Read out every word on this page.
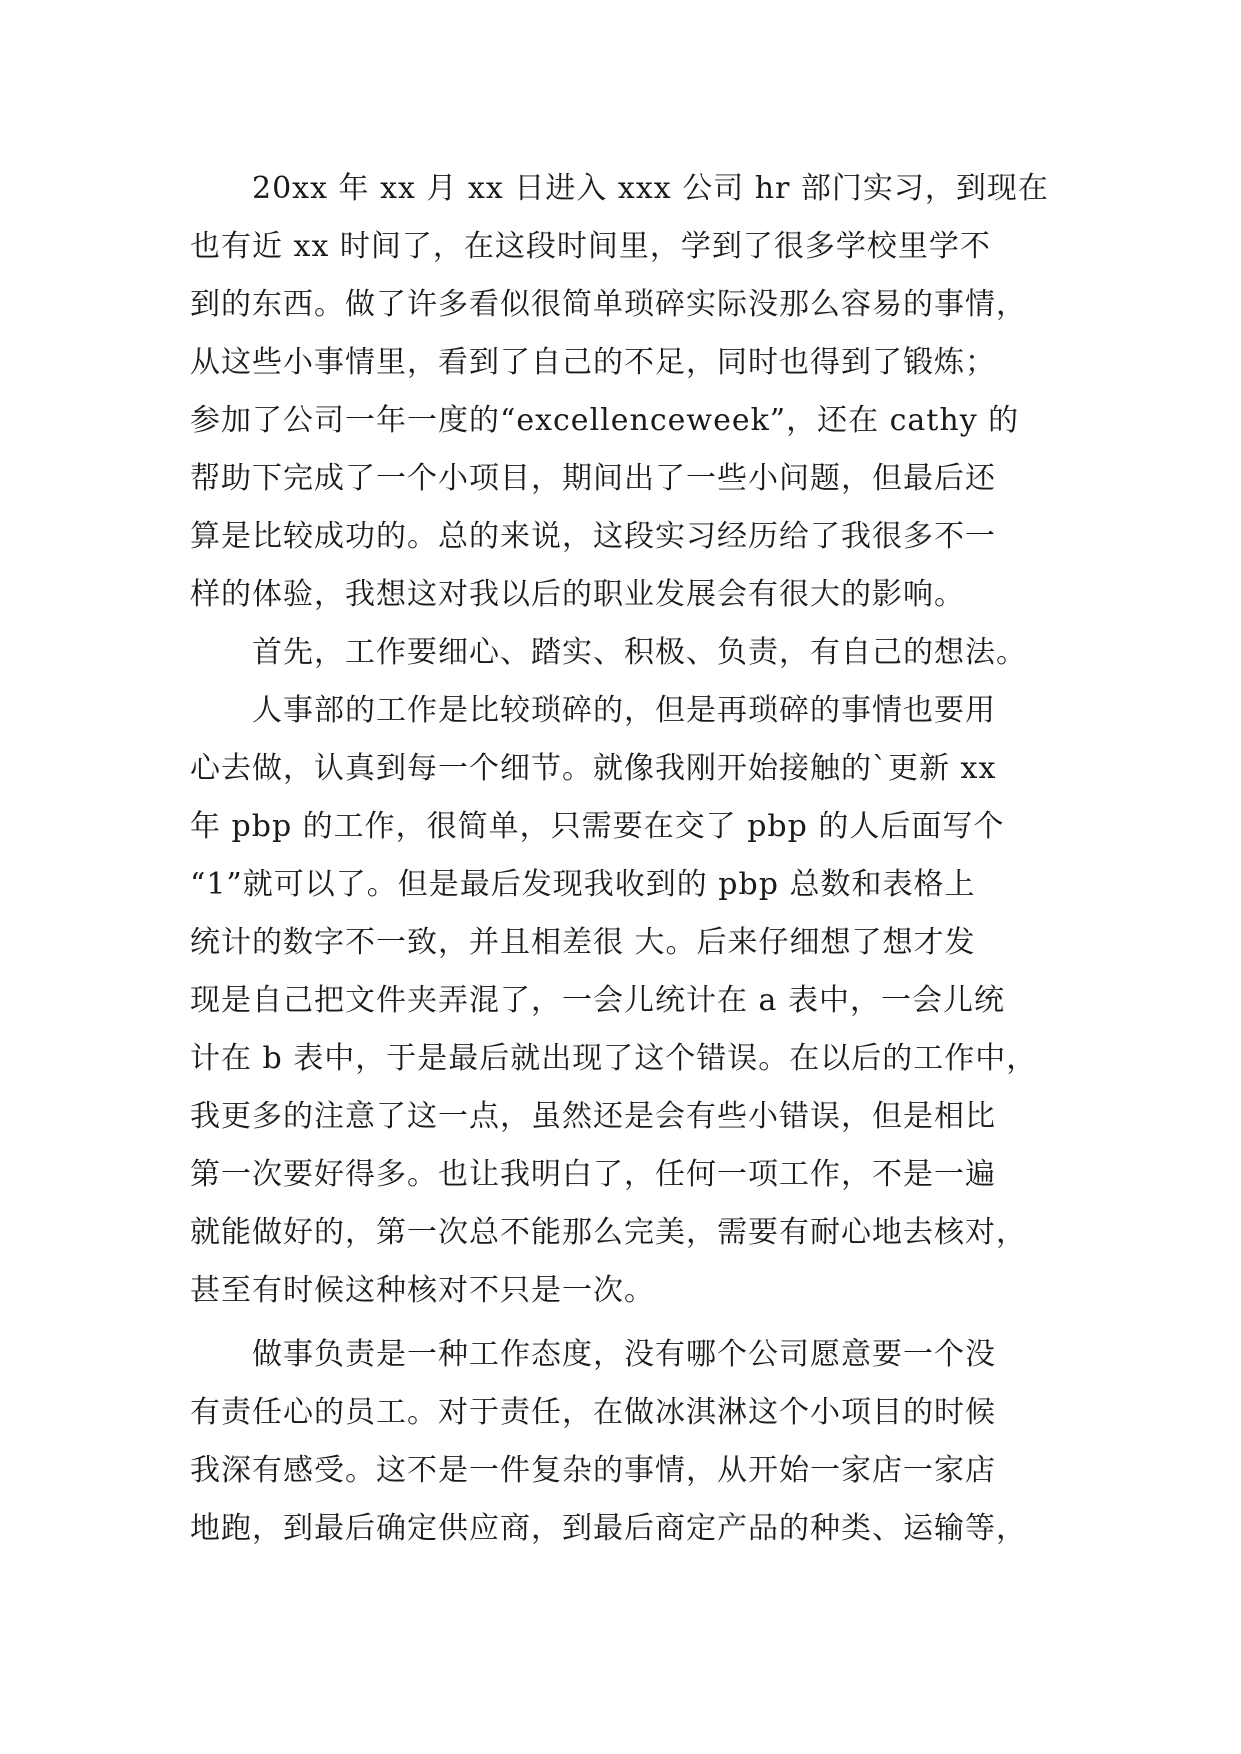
20xx 年 xx 月 xx 日进入 xxx 公司 hr 部门实习，到现在
也有近 xx 时间了，在这段时间里，学到了很多学校里学不
到的东西。做了许多看似很简单琐碎实际没那么容易的事情，
从这些小事情里，看到了自己的不足，同时也得到了锻炼；
参加了公司一年一度的“excellenceweek”，还在 cathy 的
帮助下完成了一个小项目，期间出了一些小问题，但最后还
算是比较成功的。总的来说，这段实习经历给了我很多不一
样的体验，我想这对我以后的职业发展会有很大的影响。
首先，工作要细心、踏实、积极、负责，有自己的想法。
人事部的工作是比较琐碎的，但是再琐碎的事情也要用
心去做，认真到每一个细节。就像我刚开始接触的`更新 xx
年 pbp 的工作，很简单，只需要在交了 pbp 的人后面写个
“1”就可以了。但是最后发现我收到的 pbp 总数和表格上
统计的数字不一致，并且相差很 大。后来仔细想了想才发
现是自己把文件夹弄混了，一会儿统计在 a 表中，一会儿统
计在 b 表中，于是最后就出现了这个错误。在以后的工作中，
我更多的注意了这一点，虽然还是会有些小错误，但是相比
第一次要好得多。也让我明白了，任何一项工作，不是一遍
就能做好的，第一次总不能那么完美，需要有耐心地去核对，
甚至有时候这种核对不只是一次。
做事负责是一种工作态度，没有哪个公司愿意要一个没
有责任心的员工。对于责任，在做冰淇淋这个小项目的时候
我深有感受。这不是一件复杂的事情，从开始一家店一家店
地跑，到最后确定供应商，到最后商定产品的种类、运输等，
